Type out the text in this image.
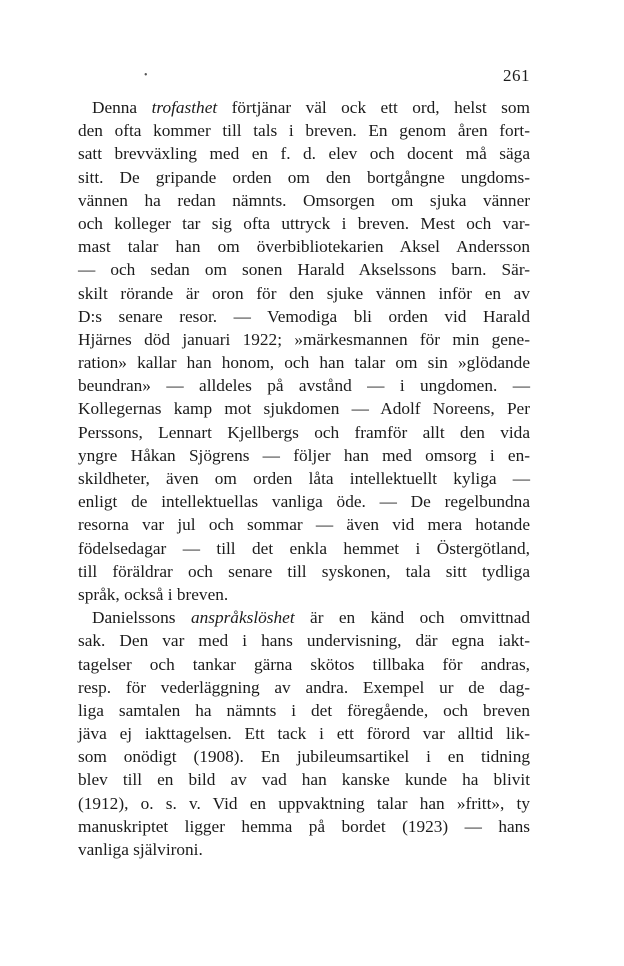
•	261
Denna trofasthet förtjänar väl ock ett ord, helst som
den ofta kommer till tals i breven. En genom åren fort-
satt brevväxling med en f. d. elev och docent må säga
sitt. De gripande orden om den bortgångne ungdoms-
vännen ha redan nämnts. Omsorgen om sjuka vänner
och kolleger tar sig ofta uttryck i breven. Mest och var-
mast talar han om överbibliotekarien Aksel Andersson
— och sedan om sonen Harald Akselssons barn. Sär-
skilt rörande är oron för den sjuke vännen inför en av
D:s senare resor. — Vemodiga bli orden vid Harald
Hjärnes död januari 1922; »märkesmannen för min gene-
ration» kallar han honom, och han talar om sin »glödande
beundran» — alldeles på avstånd — i ungdomen. —
Kollegernas kamp mot sjukdomen — Adolf Noreens, Per
Perssons, Lennart Kjellbergs och framför allt den vida
yngre Håkan Sjögrens — följer han med omsorg i en-
skildheter, även om orden låta intellektuellt kyliga —
enligt de intellektuellas vanliga öde. — De regelbundna
resorna var jul och sommar — även vid mera hotande
födelsedagar — till det enkla hemmet i Östergötland,
till föräldrar och senare till syskonen, tala sitt tydliga
språk, också i breven.
Danielssons anspråkslöshet är en känd och omvittnad
sak. Den var med i hans undervisning, där egna iakt-
tagelser och tankar gärna skötos tillbaka för andras,
resp. för vederläggning av andra. Exempel ur de dag-
liga samtalen ha nämnts i det föregående, och breven
jäva ej iakttagelsen. Ett tack i ett förord var alltid lik-
som onödigt (1908). En jubileumsartikel i en tidning
blev till en bild av vad han kanske kunde ha blivit
(1912), o. s. v. Vid en uppvaktning talar han »fritt», ty
manuskriptet ligger hemma på bordet (1923) — hans
vanliga självironi.
